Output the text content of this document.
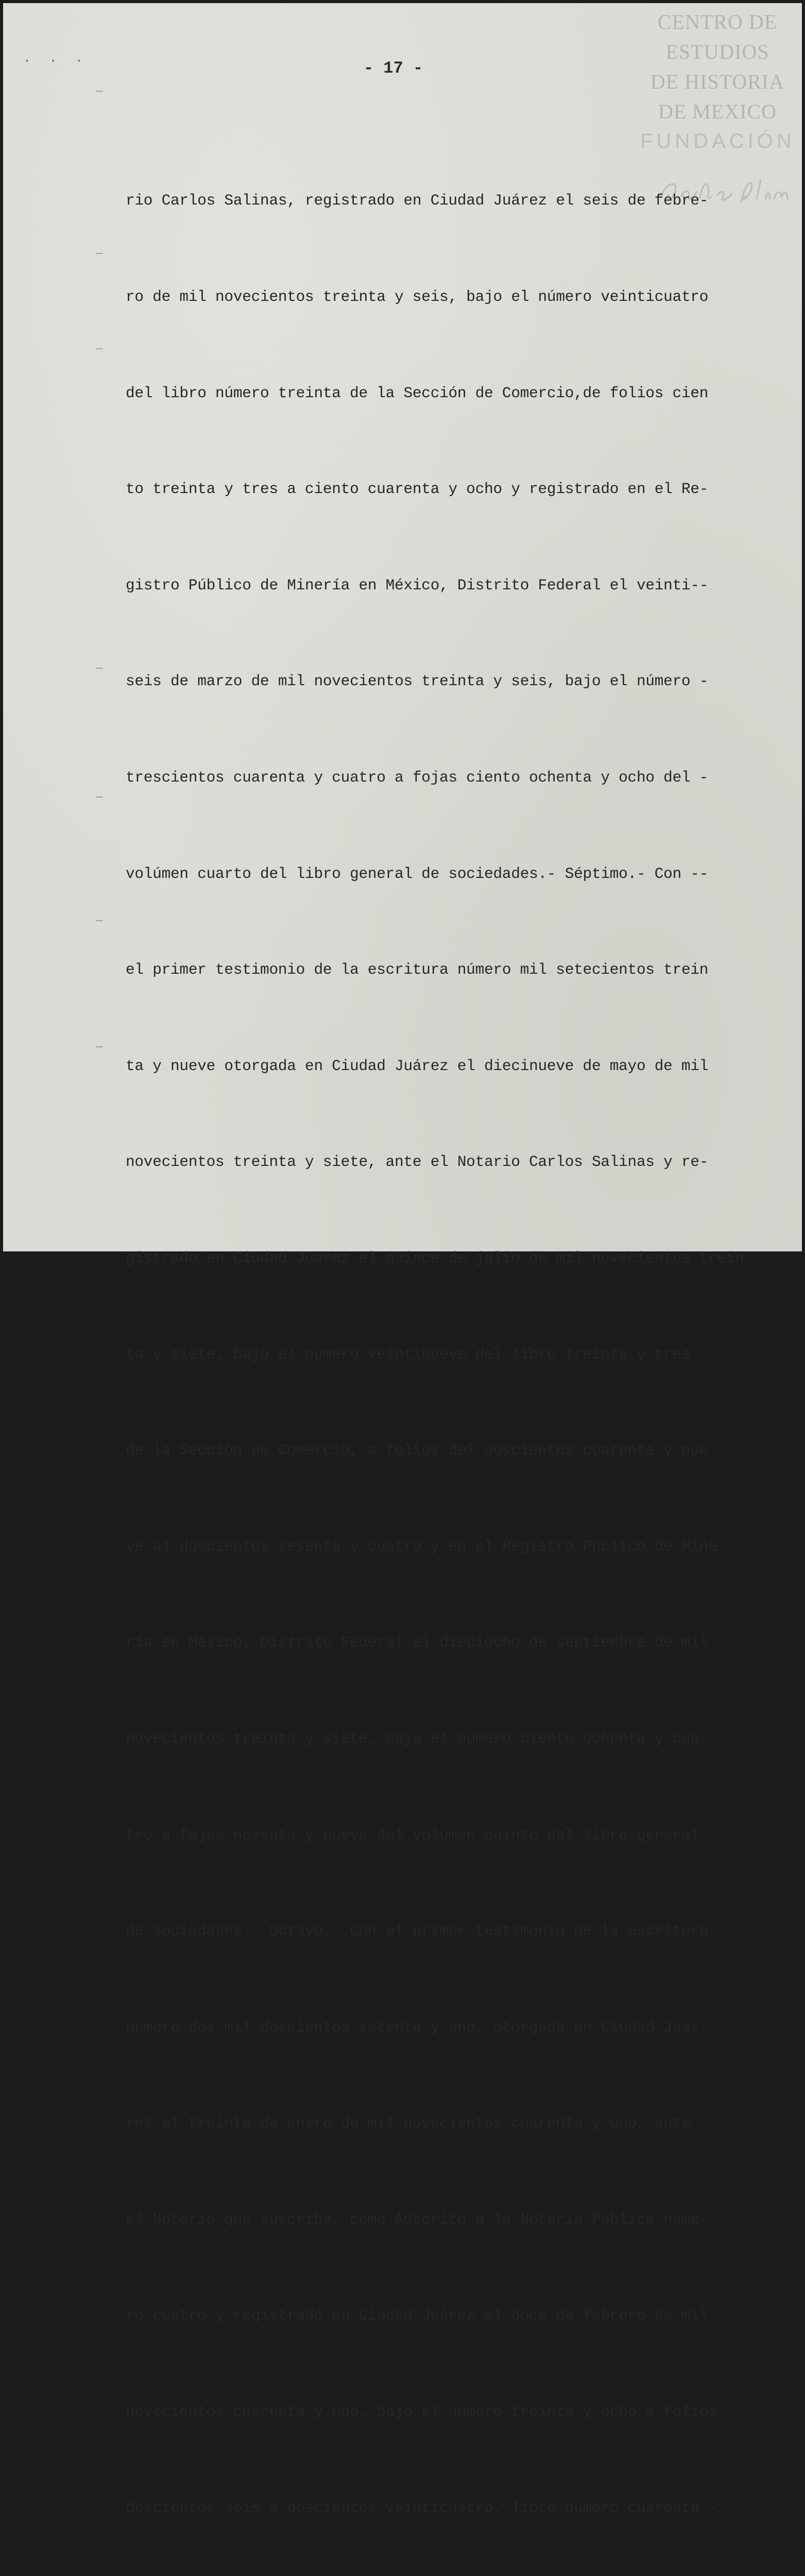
· · ·
CENTRO DE
ESTUDIOS
DE HISTORIA
DE MEXICO
FUNDACIÓN
- 17 -

rio Carlos Salinas, registrado en Ciudad Juárez el seis de febre-

ro de mil novecientos treinta y seis, bajo el número veinticuatro

del libro número treinta de la Sección de Comercio,de folios cien

to treinta y tres a ciento cuarenta y ocho y registrado en el Re-

gistro Público de Minería en México, Distrito Federal el veinti--

seis de marzo de mil novecientos treinta y seis, bajo el número -

trescientos cuarenta y cuatro a fojas ciento ochenta y ocho del -

volúmen cuarto del libro general de sociedades.- Séptimo.- Con --

el primer testimonio de la escritura número mil setecientos trein

ta y nueve otorgada en Ciudad Juárez el diecinueve de mayo de mil

novecientos treinta y siete, ante el Notario Carlos Salinas y re-

gistrado en Ciudad Juárez el quince de julio de mil novecientos trein

ta y siete, bajo el número veintinueve del libro treinta y tres -

de la Sección de Comercio, a folios del doscientos cuarenta y nue

ve al doscientos sesenta y cuatro y en el Registro Público de Mine

ría en México, Distrito Federal el dieciocho de septiembre de mil

novecientos treinta y siete, bajo el número ciento ochenta y cua-

tro a fojas noventa y nueve del volúmen quinto del libro general

de sociedades.- Octavo.- Con el primer testimonio de la escritura

número dos mil doscientos setenta y uno, otorgada en Ciudad Juá--

rez el treinta de enero de mil novecientos cuarenta y uno, ante -

el Notario que suscribe, como Adscrito a la Notaria Pública núme-

ro cuatro y registrado en Ciudad Juárez el doce de febrero de mil

novecientos cuarenta y uno, bajo el número treinta y ocho a folios

doscientos seis a doscientos veinticuatro, libro número cuarenta -
